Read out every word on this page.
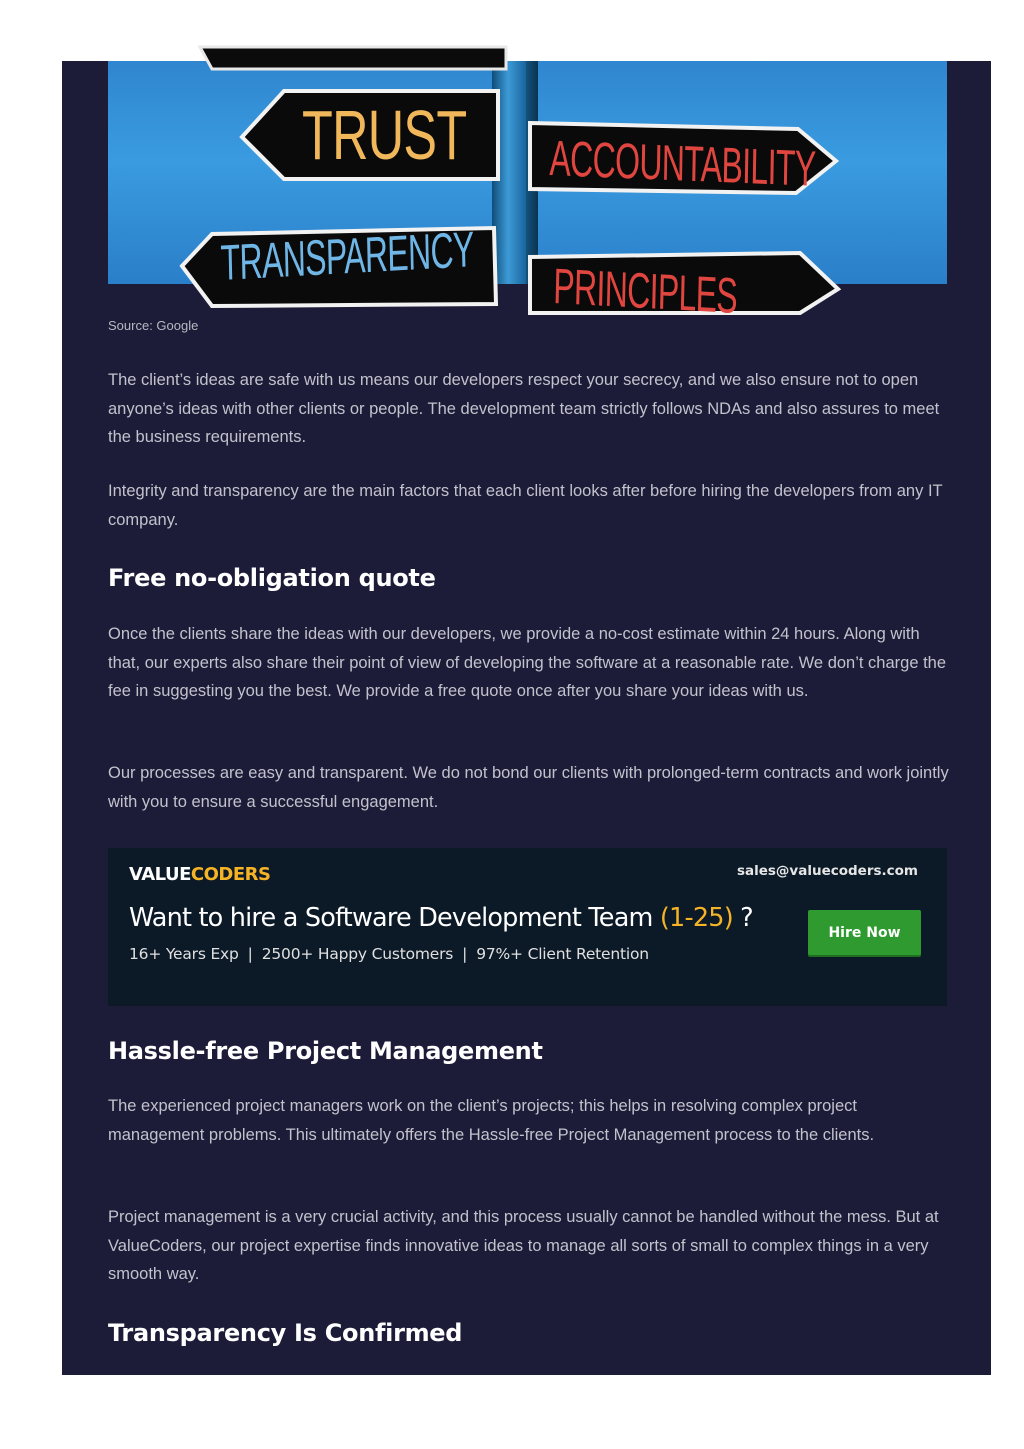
TRUST ACCOUNTABILITY
TRANSPARENCY
PRINCIPLES
Source: Google

The client’s ideas are safe with us means our developers respect your secrecy, and we also ensure not to open anyone’s ideas with other clients or people. The development team strictly follows NDAs and also assures to meet the business requirements.

Integrity and transparency are the main factors that each client looks after before hiring the developers from any IT company.

Free no-obligation quote

Once the clients share the ideas with our developers, we provide a no-cost estimate within 24 hours. Along with that, our experts also share their point of view of developing the software at a reasonable rate. We don’t charge the fee in suggesting you the best. We provide a free quote once after you share your ideas with us.

Our processes are easy and transparent. We do not bond our clients with prolonged-term contracts and work jointly with you to ensure a successful engagement.

VALUECODERS	sales@valuecoders.com
Want to hire a Software Development Team (1-25) ?
16+ Years Exp | 2500+ Happy Customers | 97%+ Client Retention
Hire Now
Hassle-free Project Management

The experienced project managers work on the client’s projects; this helps in resolving complex project management problems. This ultimately offers the Hassle-free Project Management process to the clients.

Project management is a very crucial activity, and this process usually cannot be handled without the mess. But at ValueCoders, our project expertise finds innovative ideas to manage all sorts of small to complex things in a very smooth way.

Transparency Is Confirmed
